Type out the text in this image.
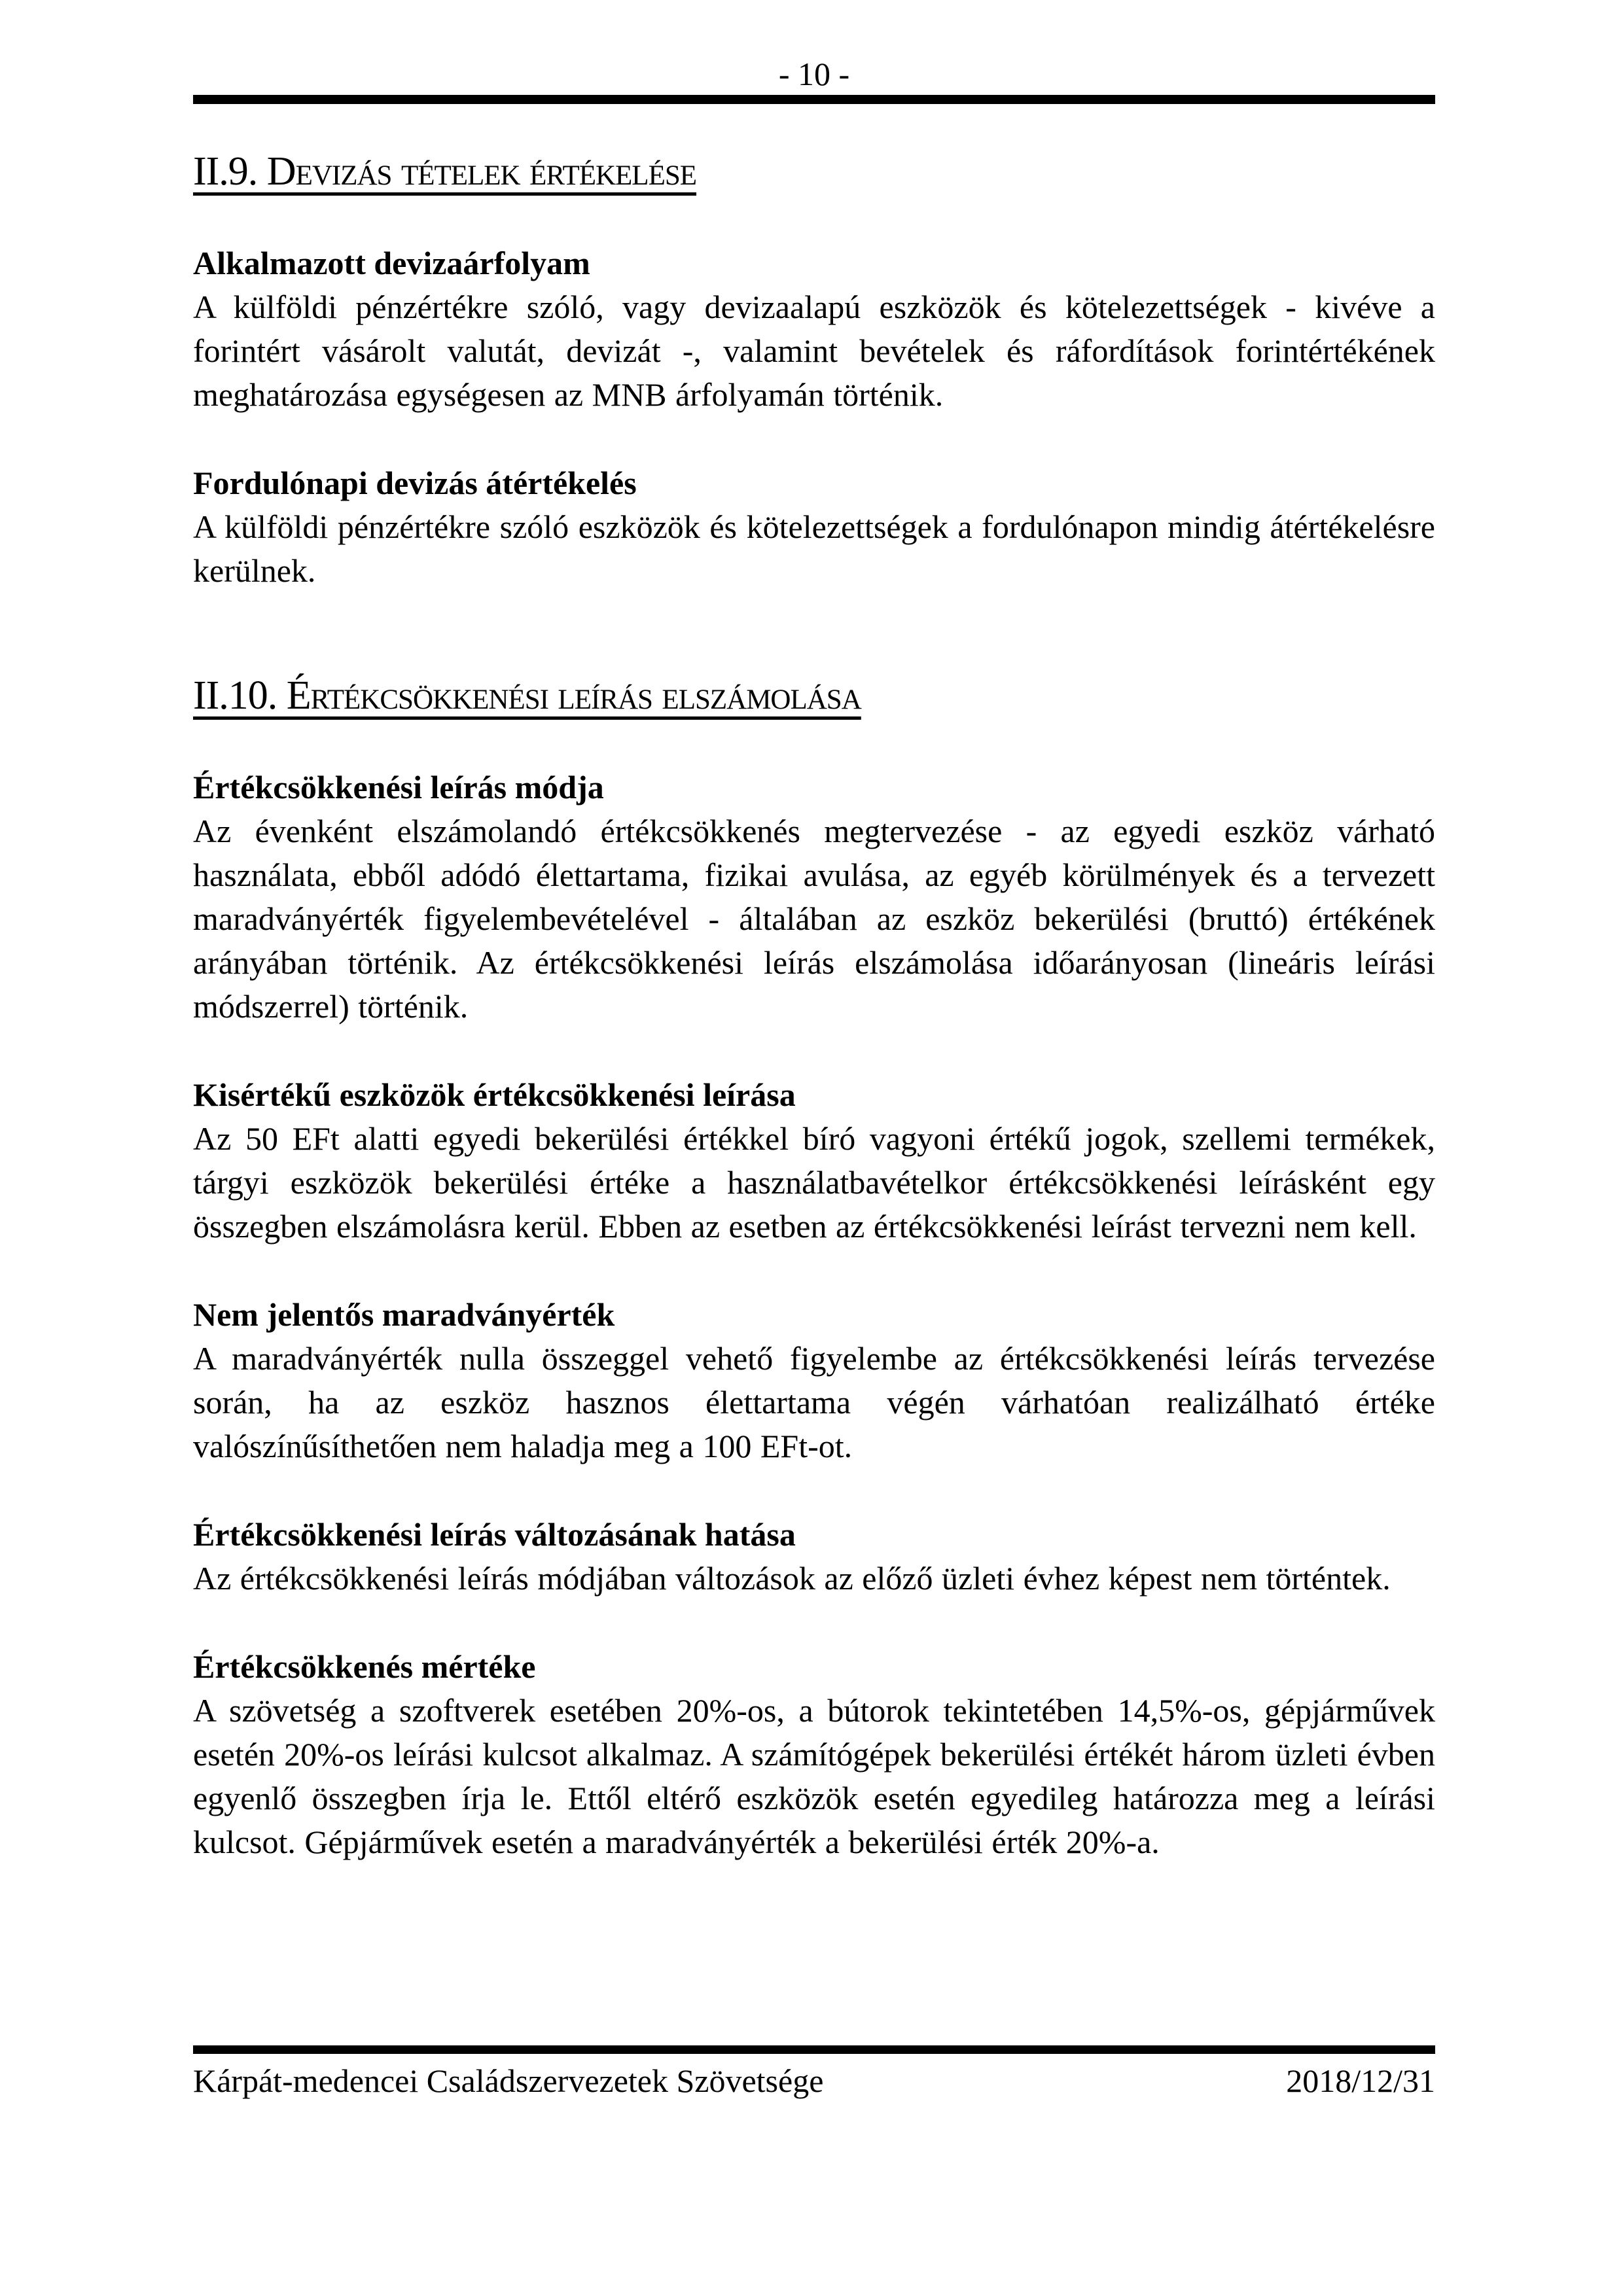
- 10 -
II.9. Devizás tételek értékelése
Alkalmazott devizaárfolyam

A külföldi pénzértékre szóló, vagy devizaalapú eszközök és kötelezettségek - kivéve a forintért vásárolt valutát, devizát -, valamint bevételek és ráfordítások forintértékének meghatározása egységesen az MNB árfolyamán történik.

Fordulónapi devizás átértékelés

A külföldi pénzértékre szóló eszközök és kötelezettségek a fordulónapon mindig átértékelésre kerülnek.

II.10. Értékcsökkenési leírás elszámolása
Értékcsökkenési leírás módja

Az évenként elszámolandó értékcsökkenés megtervezése - az egyedi eszköz várható használata, ebből adódó élettartama, fizikai avulása, az egyéb körülmények és a tervezett maradványérték figyelembevételével - általában az eszköz bekerülési (bruttó) értékének arányában történik. Az értékcsökkenési leírás elszámolása időarányosan (lineáris leírási módszerrel) történik.

Kisértékű eszközök értékcsökkenési leírása

Az 50 EFt alatti egyedi bekerülési értékkel bíró vagyoni értékű jogok, szellemi termékek, tárgyi eszközök bekerülési értéke a használatbavételkor értékcsökkenési leírásként egy összegben elszámolásra kerül. Ebben az esetben az értékcsökkenési leírást tervezni nem kell.

Nem jelentős maradványérték

A maradványérték nulla összeggel vehető figyelembe az értékcsökkenési leírás tervezése során, ha az eszköz hasznos élettartama végén várhatóan realizálható értéke valószínűsíthetően nem haladja meg a 100 EFt-ot.

Értékcsökkenési leírás változásának hatása

Az értékcsökkenési leírás módjában változások az előző üzleti évhez képest nem történtek.

Értékcsökkenés mértéke

A szövetség a szoftverek esetében 20%-os, a bútorok tekintetében 14,5%-os, gépjárművek esetén 20%-os leírási kulcsot alkalmaz. A számítógépek bekerülési értékét három üzleti évben egyenlő összegben írja le. Ettől eltérő eszközök esetén egyedileg határozza meg a leírási kulcsot. Gépjárművek esetén a maradványérték a bekerülési érték 20%-a.

Kárpát-medencei Családszervezetek Szövetsége	2018/12/31
